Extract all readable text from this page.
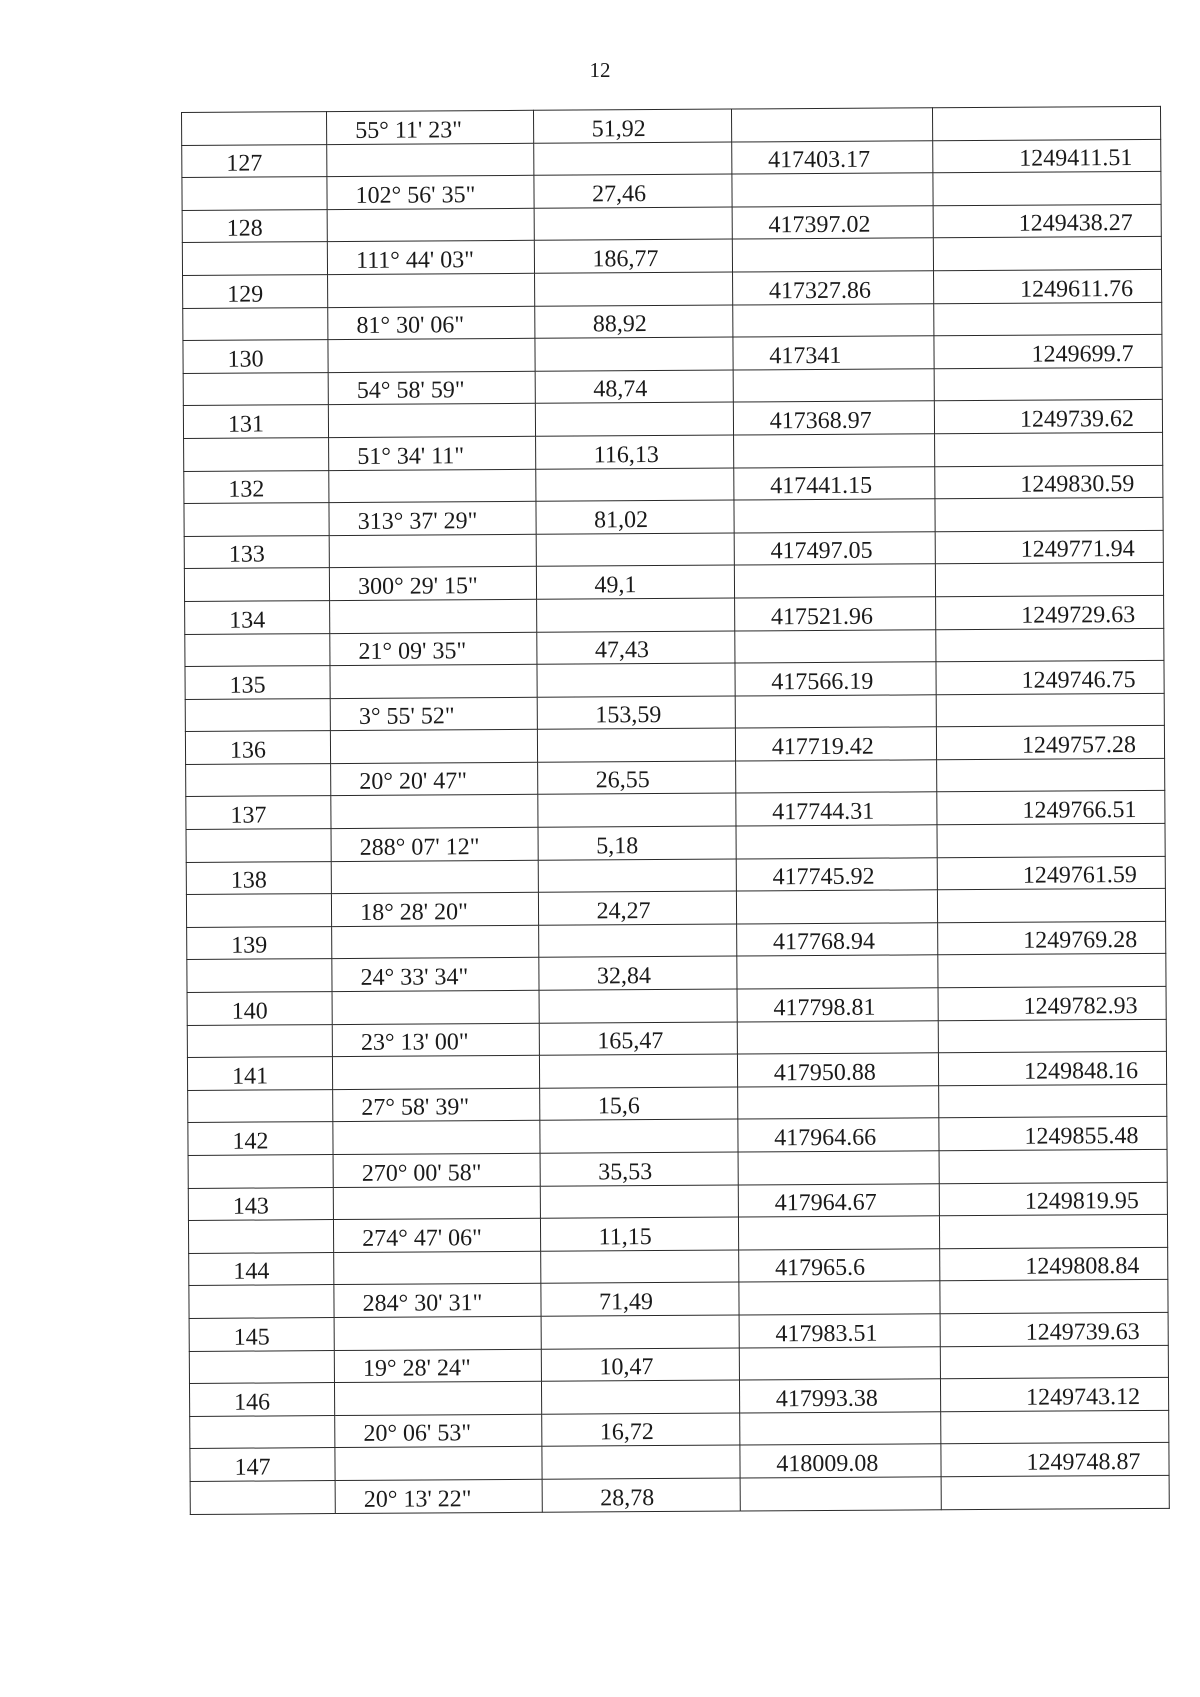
12
	55° 11' 23"	51,92		
127			417403.17	1249411.51
	102° 56' 35"	27,46		
128			417397.02	1249438.27
	111° 44' 03"	186,77		
129			417327.86	1249611.76
	81° 30' 06"	88,92		
130			417341	1249699.7
	54° 58' 59"	48,74		
131			417368.97	1249739.62
	51° 34' 11"	116,13		
132			417441.15	1249830.59
	313° 37' 29"	81,02		
133			417497.05	1249771.94
	300° 29' 15"	49,1		
134			417521.96	1249729.63
	21° 09' 35"	47,43		
135			417566.19	1249746.75
	3° 55' 52"	153,59		
136			417719.42	1249757.28
	20° 20' 47"	26,55		
137			417744.31	1249766.51
	288° 07' 12"	5,18		
138			417745.92	1249761.59
	18° 28' 20"	24,27		
139			417768.94	1249769.28
	24° 33' 34"	32,84		
140			417798.81	1249782.93
	23° 13' 00"	165,47		
141			417950.88	1249848.16
	27° 58' 39"	15,6		
142			417964.66	1249855.48
	270° 00' 58"	35,53		
143			417964.67	1249819.95
	274° 47' 06"	11,15		
144			417965.6	1249808.84
	284° 30' 31"	71,49		
145			417983.51	1249739.63
	19° 28' 24"	10,47		
146			417993.38	1249743.12
	20° 06' 53"	16,72		
147			418009.08	1249748.87
	20° 13' 22"	28,78		
